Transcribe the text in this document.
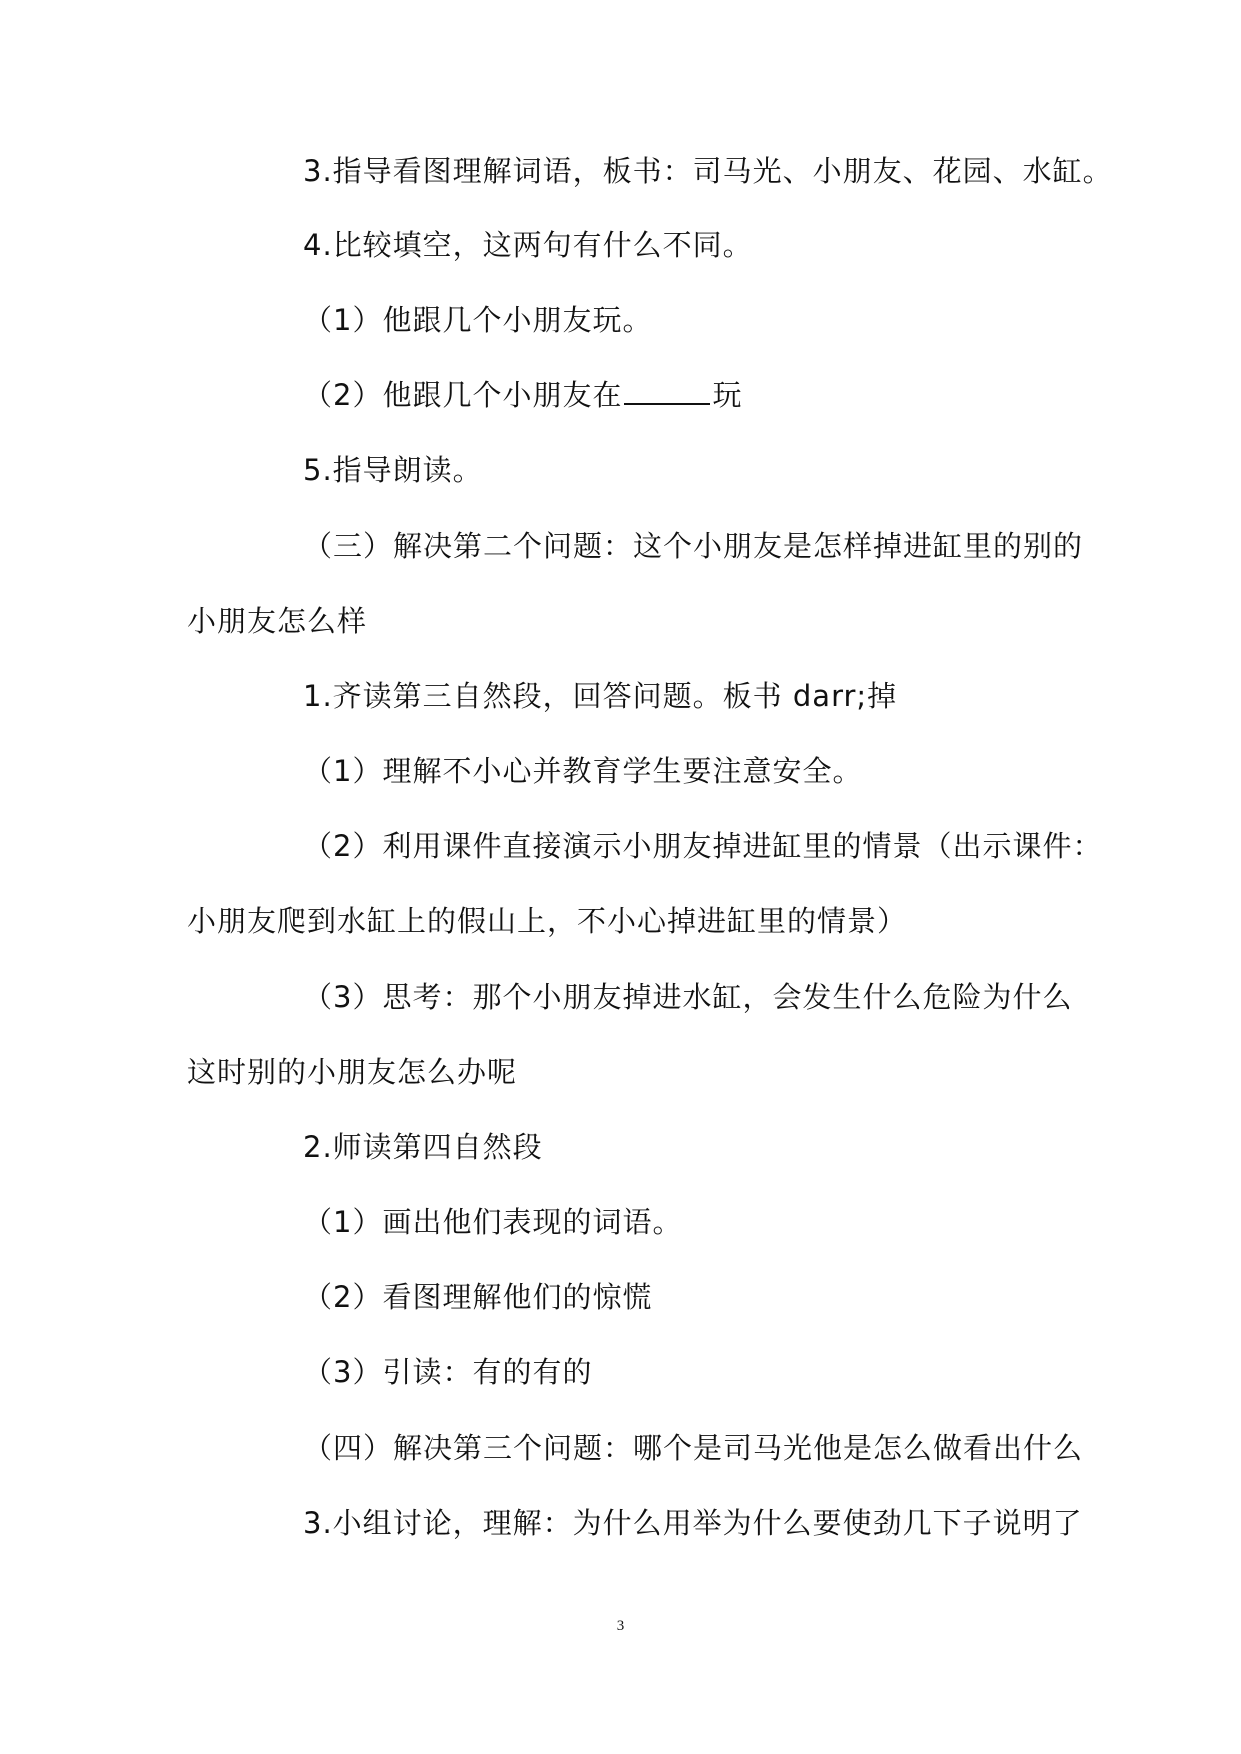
3.指导看图理解词语，板书：司马光、小朋友、花园、水缸。
4.比较填空，这两句有什么不同。
（1）他跟几个小朋友玩。
（2）他跟几个小朋友在	玩
5.指导朗读。
（三）解决第二个问题：这个小朋友是怎样掉进缸里的别的
小朋友怎么样
1.齐读第三自然段，回答问题。板书 darr;掉
（1）理解不小心并教育学生要注意安全。
（2）利用课件直接演示小朋友掉进缸里的情景（出示课件：
小朋友爬到水缸上的假山上，不小心掉进缸里的情景）
（3）思考：那个小朋友掉进水缸，会发生什么危险为什么
这时别的小朋友怎么办呢
2.师读第四自然段
（1）画出他们表现的词语。
（2）看图理解他们的惊慌
（3）引读：有的有的
（四）解决第三个问题：哪个是司马光他是怎么做看出什么
3.小组讨论，理解：为什么用举为什么要使劲几下子说明了
3
